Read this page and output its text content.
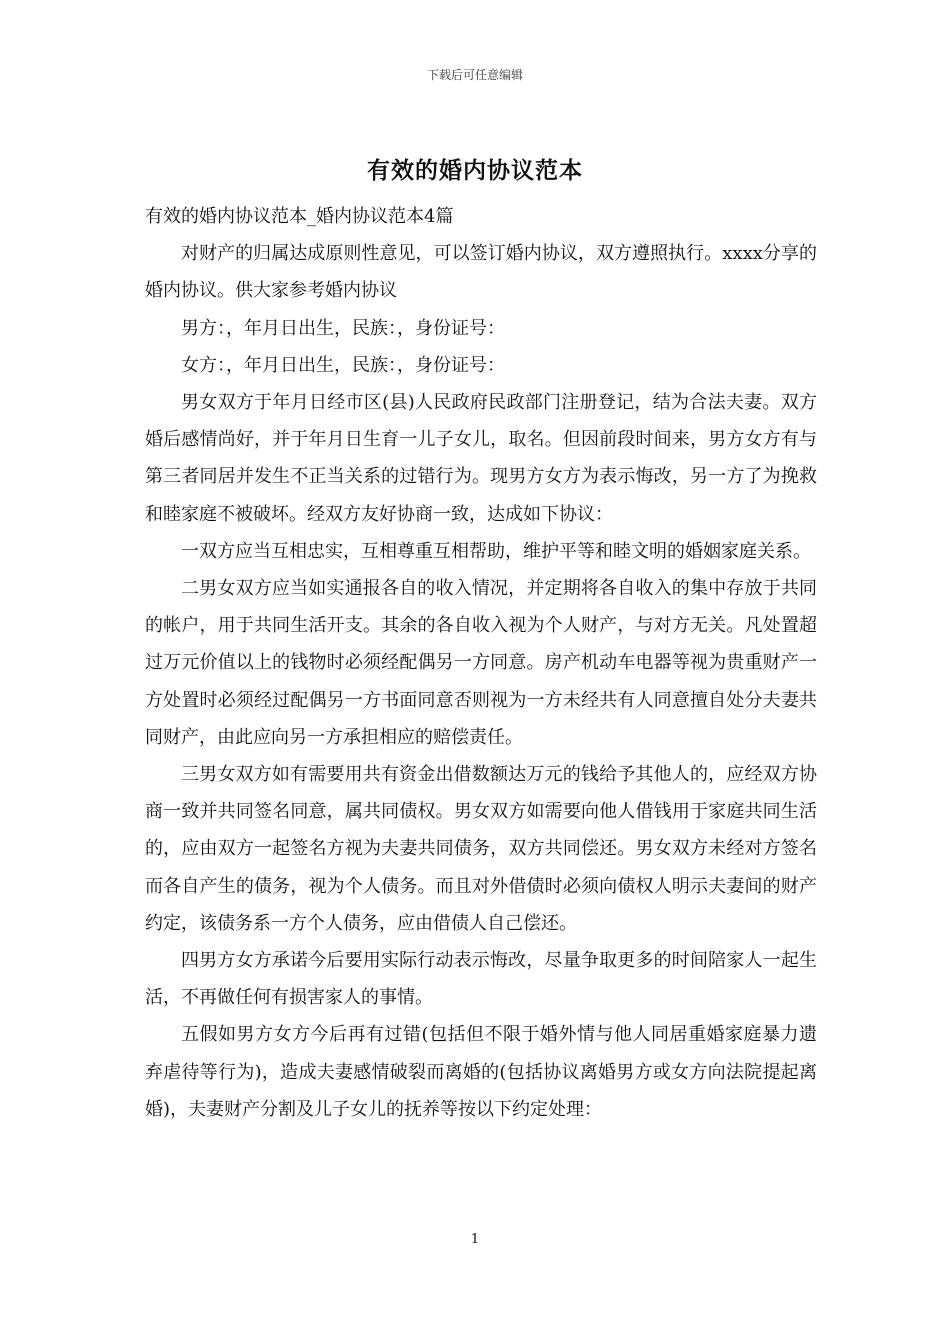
下载后可任意编辑
有效的婚内协议范本

有效的婚内协议范本_婚内协议范本4篇

对财产的归属达成原则性意见，可以签订婚内协议，双方遵照执行。xxxx分享的婚内协议。供大家参考婚内协议

男方：，年月日出生，民族：，身份证号：

女方：，年月日出生，民族：，身份证号：

男女双方于年月日经市区(县)人民政府民政部门注册登记，结为合法夫妻。双方婚后感情尚好，并于年月日生育一儿子女儿，取名。但因前段时间来，男方女方有与第三者同居并发生不正当关系的过错行为。现男方女方为表示悔改，另一方了为挽救和睦家庭不被破坏。经双方友好协商一致，达成如下协议：

一双方应当互相忠实，互相尊重互相帮助，维护平等和睦文明的婚姻家庭关系。

二男女双方应当如实通报各自的收入情况，并定期将各自收入的集中存放于共同的帐户，用于共同生活开支。其余的各自收入视为个人财产，与对方无关。凡处置超过万元价值以上的钱物时必须经配偶另一方同意。房产机动车电器等视为贵重财产一方处置时必须经过配偶另一方书面同意否则视为一方未经共有人同意擅自处分夫妻共同财产，由此应向另一方承担相应的赔偿责任。

三男女双方如有需要用共有资金出借数额达万元的钱给予其他人的，应经双方协商一致并共同签名同意，属共同债权。男女双方如需要向他人借钱用于家庭共同生活的，应由双方一起签名方视为夫妻共同债务，双方共同偿还。男女双方未经对方签名而各自产生的债务，视为个人债务。而且对外借债时必须向债权人明示夫妻间的财产约定，该债务系一方个人债务，应由借债人自己偿还。

四男方女方承诺今后要用实际行动表示悔改，尽量争取更多的时间陪家人一起生活，不再做任何有损害家人的事情。

五假如男方女方今后再有过错(包括但不限于婚外情与他人同居重婚家庭暴力遗弃虐待等行为)，造成夫妻感情破裂而离婚的(包括协议离婚男方或女方向法院提起离婚)，夫妻财产分割及儿子女儿的抚养等按以下约定处理：

1
